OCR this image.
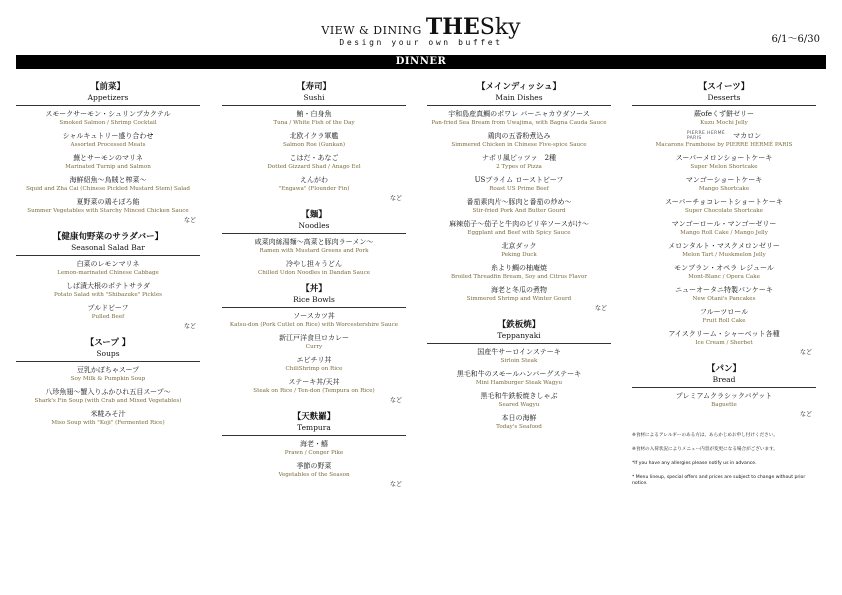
VIEW & DINING THESky
Design your own buffet	6/1～6/30
DINNER
【前菜】
Appetizers
スモークサーモン・シュリンプカクテル
Smoked Salmon / Shrimp Cocktail
シャルキュトリー盛り合わせ
Assorted Processed Meats
蕪とサーモンのマリネ
Marinated Turnip and Salmon
海鮮紹魚～烏賊と榨菜～
Squid and Zha Cai (Chinese Pickled Mustard Stem) Salad
夏野菜の鶏そぼろ餡
Summer Vegetables with Starchy Minced Chicken Sauce
など
【健康旬野菜のサラダバー】
Seasonal Salad Bar
白菜のレモンマリネ
Lemon-marinated Chinese Cabbage
しば漬大根のポテトサラダ
Potato Salad with "Shibazuke" Pickles
プルドビーフ
Pulled Beef
など
【スープ 】
Soups
豆乳かぼちゃスープ
Soy Milk & Pumpkin Soup
八珍魚翅～蟹入りふかひれ五目スープ～
Shark's Fin Soup (with Crab and Mixed Vegetables)
米糀みそ汁
Miso Soup with "Koji" (Fermented Rice)
【寿司】
Sushi
鮪・白身魚
Tuna / White Fish of the Day
北欧イクラ軍艦
Salmon Roe (Gunkan)
こはだ・あなご
Dotted Gizzard Shad / Anago Eel
えんがわ
"Engawa" (Flounder Fin)
など
【麺】
Noodles
咸菜肉絲湯麺～高菜と豚肉ラーメン～
Ramen with Mustard Greens and Pork
冷やし担々うどん
Chilled Udon Noodles in Dandan Sauce
【丼】
Rice Bowls
ソースカツ丼
Katsu-don (Pork Cutlet on Rice) with Worcestershire Sauce
新江戸洋食旦ロカレー
Curry
エビチリ丼
ChiliShrimp on Rice
ステーキ丼/天丼
Steak on Rice / Ten-don (Tempura on Rice)
など
【天麩羅】
Tempura
海老・鱚
Prawn / Conger Pike
季節の野菜
Vegetables of the Season
など
【メインディッシュ】
Main Dishes
宇和島産真鯛のポワレ バーニャカウダソース
Pan-fried Sea Bream from Uwajima, with Bagna Cauda Sauce
鶏肉の五香粉煮込み
Simmered Chicken in Chinese Five-spice Sauce
ナポリ風ピッツァ　2種
2 Types of Pizza
USプライム ローストビーフ
Roast US Prime Beef
番茄素肉片～豚肉と番茄の炒め～
Stir-fried Pork And Butter Gourd
麻辣茄子～茄子と牛肉のピリ辛ソースがけ～
Eggplant and Beef with Spicy Sauce
北京ダック
Peking Duck
糸より鯛の柚庵焼
Broiled Threadfin Bream, Soy and Citrus Flavor
海老と冬瓜の煮物
Simmered Shrimp and Winter Gourd
など
【鉄板焼】
Teppanyaki
国産牛サーロインステーキ
Sirloin Steak
黒毛和牛のスモールハンバーグステーキ
Mini Hamburger Steak Wagyu
黒毛和牛鉄板焼きしゃぶ
Seared Wagyu
本日の海鮮
Today's Seafood
【スイーツ】
Desserts
蕨ofeくず餅ゼリー
Kuzu Mochi Jelly
PIERRE HERMÉ
PARIS	マカロン
Macarons Framboise by PIERRE HERMÉ PARIS
スーパーメロンショートケーキ
Super Melon Shortcake
マンゴーショートケーキ
Mango Shortcake
スーパーチョコレートショートケーキ
Super Chocolate Shortcake
マンゴーロール・マンゴーゼリー
Mango Roll Cake / Mango Jelly
メロンタルト・マスクメロンゼリー
Melon Tart / Muskmelon Jelly
モンブラン・オペラ レジュール
Mont-Blanc / Opera Cake
ニューオータニ特製パンケーキ
New Otani's Pancakes
フルーツロール
Fruit Roll Cake
アイスクリーム・シャーベット各種
Ice Cream / Sherbet
など
【パン】
Bread
プレミアムクラシックバゲット
Baguette
など
※食材によるアレルギーのある方は、あらかじめお申し付けください。
※食材の入荷状況によりメニュー内容が変更になる場合がございます。
*If you have any allergies please notify us in advance.
* Menu lineup, special offers and prices are subject to change without prior notice.
